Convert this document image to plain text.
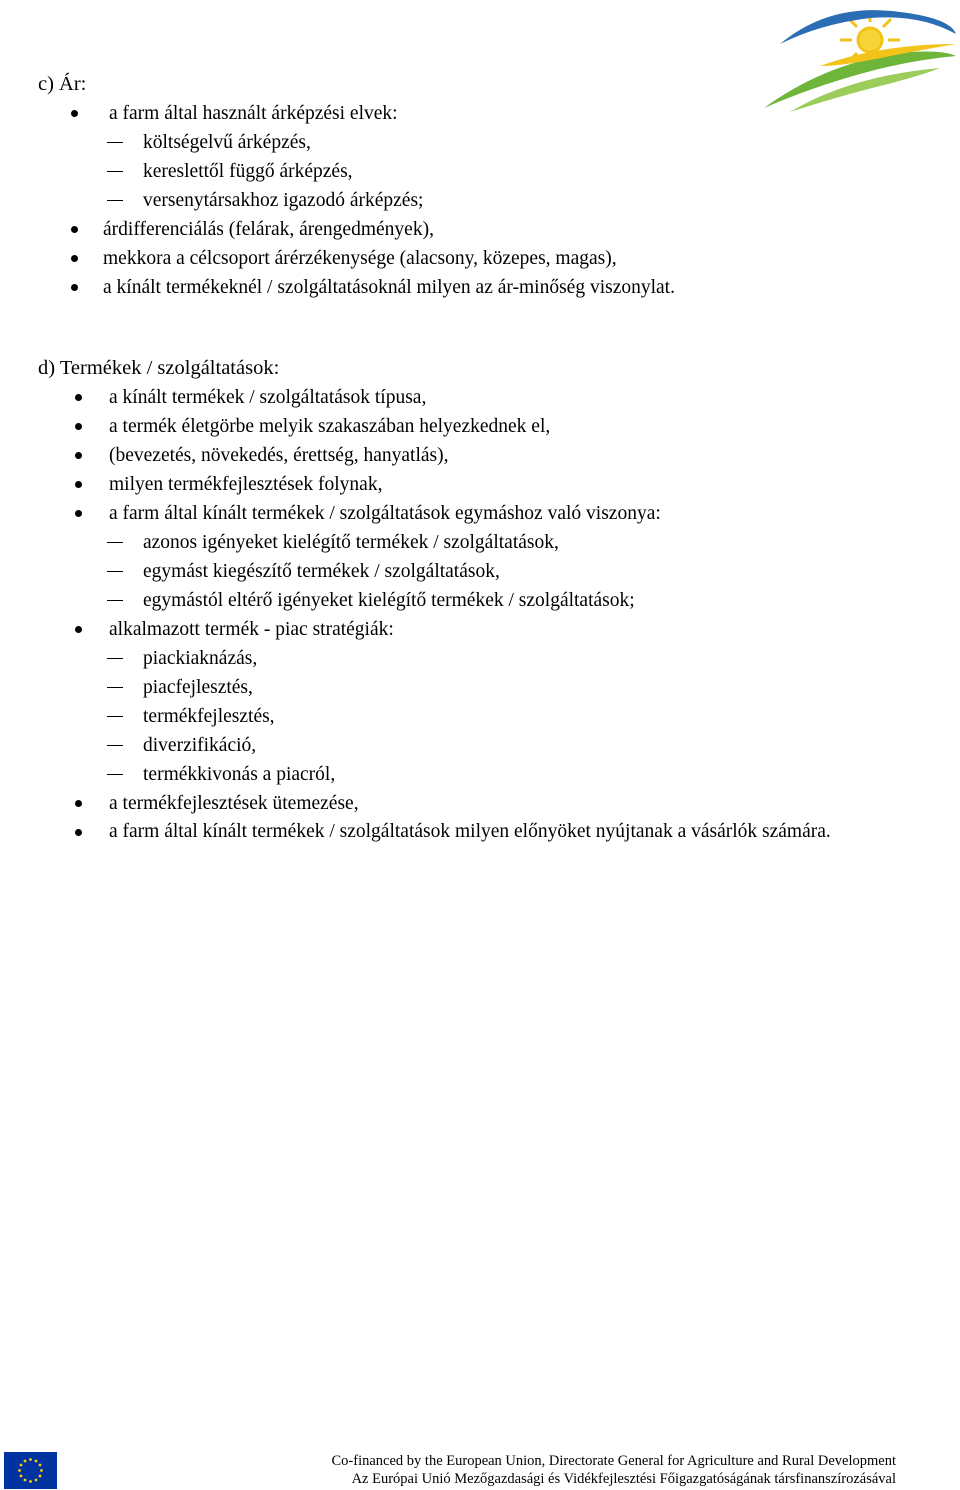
c) Ár:
a farm által használt árképzési elvek:
költségelvű árképzés,
kereslettől függő árképzés,
versenytársakhoz igazodó árképzés;
árdifferenciálás (felárak, árengedmények),
mekkora a célcsoport árérzékenysége (alacsony, közepes, magas),
a kínált termékeknél / szolgáltatásoknál milyen az ár-minőség viszonylat.
d) Termékek / szolgáltatások:
a kínált termékek / szolgáltatások típusa,
a termék életgörbe melyik szakaszában helyezkednek el,
(bevezetés, növekedés, érettség, hanyatlás),
milyen termékfejlesztések folynak,
a farm által kínált termékek / szolgáltatások egymáshoz való viszonya:
azonos igényeket kielégítő termékek / szolgáltatások,
egymást kiegészítő termékek / szolgáltatások,
egymástól eltérő igényeket kielégítő termékek / szolgáltatások;
alkalmazott termék - piac stratégiák:
piackiaknázás,
piacfejlesztés,
termékfejlesztés,
diverzifikáció,
termékkivonás a piacról,
a termékfejlesztések ütemezése,
a farm által kínált termékek / szolgáltatások milyen előnyöket nyújtanak a vásárlók számára.
Co-financed by the European Union, Directorate General for Agriculture and Rural Development
Az Európai Unió Mezőgazdasági és Vidékfejlesztési Főigazgatóságának társfinanszírozásával
